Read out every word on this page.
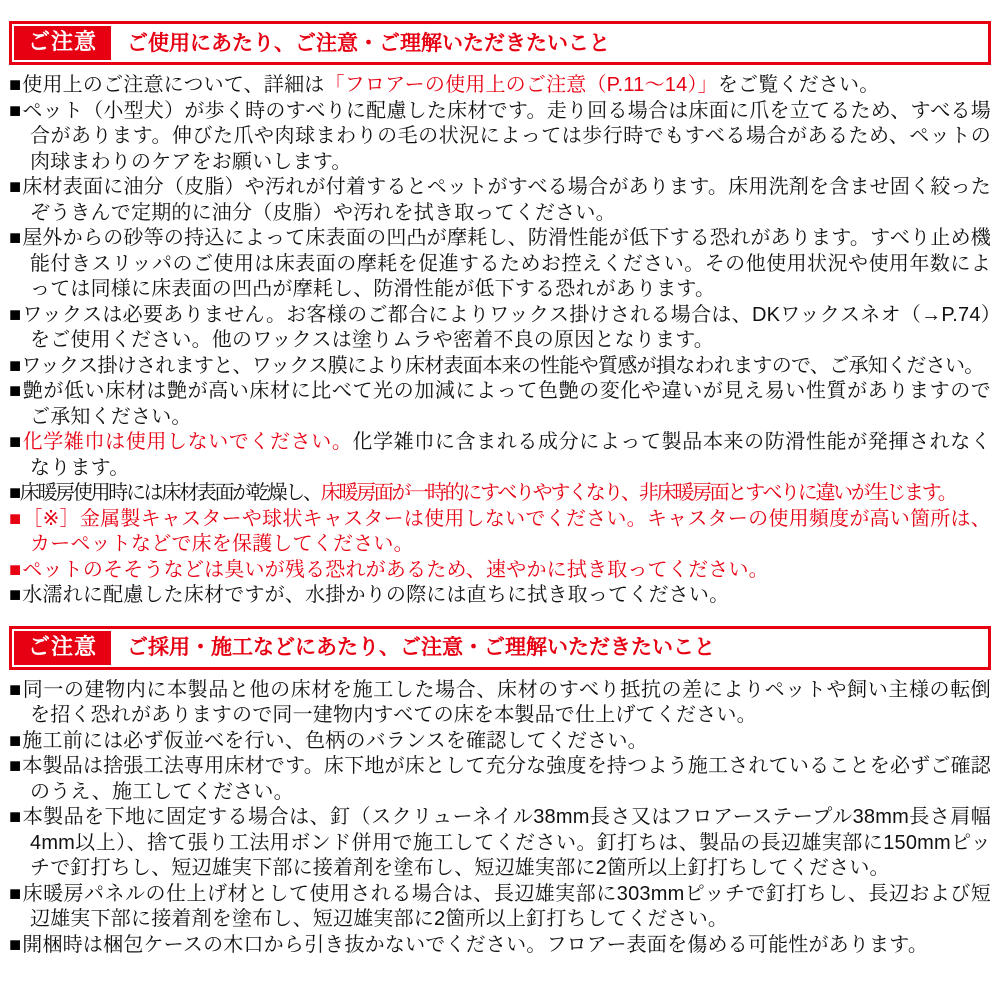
ご注意	ご使用にあたり、ご注意・ご理解いただきたいこと

■使用上のご注意について、詳細は「フロアーの使用上のご注意（P.11～14）」をご覧ください。

■ペット（小型犬）が歩く時のすべりに配慮した床材です。走り回る場合は床面に爪を立てるため、すべる場合があります。伸びた爪や肉球まわりの毛の状況によっては歩行時でもすべる場合があるため、ペットの肉球まわりのケアをお願いします。

■床材表面に油分（皮脂）や汚れが付着するとペットがすべる場合があります。床用洗剤を含ませ固く絞ったぞうきんで定期的に油分（皮脂）や汚れを拭き取ってください。

■屋外からの砂等の持込によって床表面の凹凸が摩耗し、防滑性能が低下する恐れがあります。すべり止め機能付きスリッパのご使用は床表面の摩耗を促進するためお控えください。その他使用状況や使用年数によっては同様に床表面の凹凸が摩耗し、防滑性能が低下する恐れがあります。

■ワックスは必要ありません。お客様のご都合によりワックス掛けされる場合は、DKワックスネオ（→P.74）をご使用ください。他のワックスは塗りムラや密着不良の原因となります。

■ワックス掛けされますと、ワックス膜により床材表面本来の性能や質感が損なわれますので、ご承知ください。

■艶が低い床材は艶が高い床材に比べて光の加減によって色艶の変化や違いが見え易い性質がありますのでご承知ください。

■化学雑巾は使用しないでください。化学雑巾に含まれる成分によって製品本来の防滑性能が発揮されなくなります。

■床暖房使用時には床材表面が乾燥し、床暖房面が一時的にすべりやすくなり、非床暖房面とすべりに違いが生じます。

■［※］金属製キャスターや球状キャスターは使用しないでください。キャスターの使用頻度が高い箇所は、カーペットなどで床を保護してください。

■ペットのそそうなどは臭いが残る恐れがあるため、速やかに拭き取ってください。

■水濡れに配慮した床材ですが、水掛かりの際には直ちに拭き取ってください。

ご注意	ご採用・施工などにあたり、ご注意・ご理解いただきたいこと

■同一の建物内に本製品と他の床材を施工した場合、床材のすべり抵抗の差によりペットや飼い主様の転倒を招く恐れがありますので同一建物内すべての床を本製品で仕上げてください。

■施工前には必ず仮並べを行い、色柄のバランスを確認してください。

■本製品は捨張工法専用床材です。床下地が床として充分な強度を持つよう施工されていることを必ずご確認のうえ、施工してください。

■本製品を下地に固定する場合は、釘（スクリューネイル38mm長さ又はフロアーステープル38mm長さ肩幅4mm以上）、捨て張り工法用ボンド併用で施工してください。釘打ちは、製品の長辺雄実部に150mmピッチで釘打ちし、短辺雄実下部に接着剤を塗布し、短辺雄実部に2箇所以上釘打ちしてください。

■床暖房パネルの仕上げ材として使用される場合は、長辺雄実部に303mmピッチで釘打ちし、長辺および短辺雄実下部に接着剤を塗布し、短辺雄実部に2箇所以上釘打ちしてください。

■開梱時は梱包ケースの木口から引き抜かないでください。フロアー表面を傷める可能性があります。
